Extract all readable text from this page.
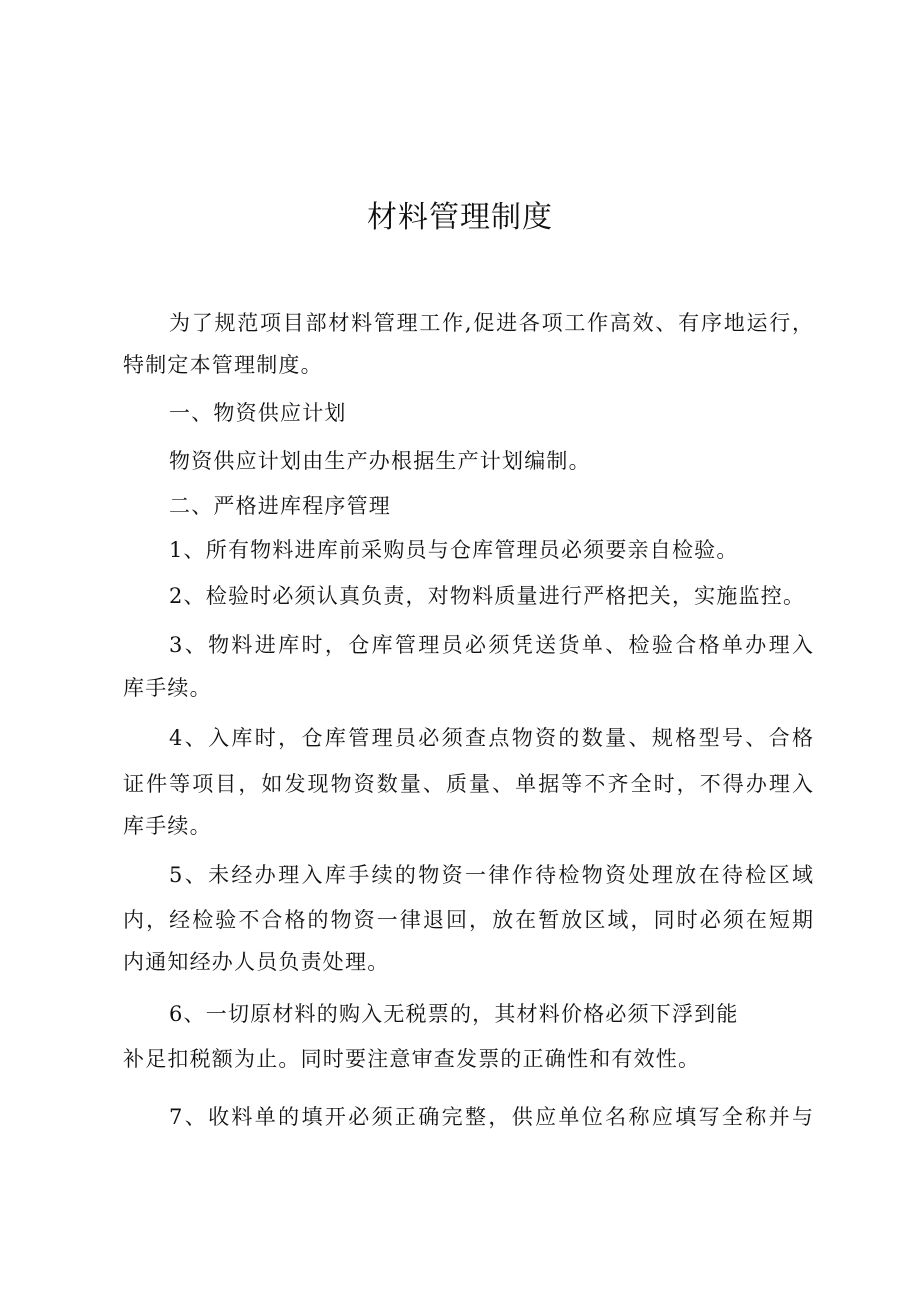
材料管理制度
为了规范项目部材料管理工作,促进各项工作高效、有序地运行，
特制定本管理制度。
一、物资供应计划
物资供应计划由生产办根据生产计划编制。
二、严格进库程序管理
1、所有物料进库前采购员与仓库管理员必须要亲自检验。
2、检验时必须认真负责，对物料质量进行严格把关，实施监控。
3、物料进库时，仓库管理员必须凭送货单、检验合格单办理入
库手续。
4、入库时，仓库管理员必须查点物资的数量、规格型号、合格
证件等项目，如发现物资数量、质量、单据等不齐全时，不得办理入
库手续。
5、未经办理入库手续的物资一律作待检物资处理放在待检区域
内，经检验不合格的物资一律退回，放在暂放区域，同时必须在短期
内通知经办人员负责处理。
6、一切原材料的购入无税票的，其材料价格必须下浮到能
补足扣税额为止。同时要注意审查发票的正确性和有效性。
7、收料单的填开必须正确完整，供应单位名称应填写全称并与
